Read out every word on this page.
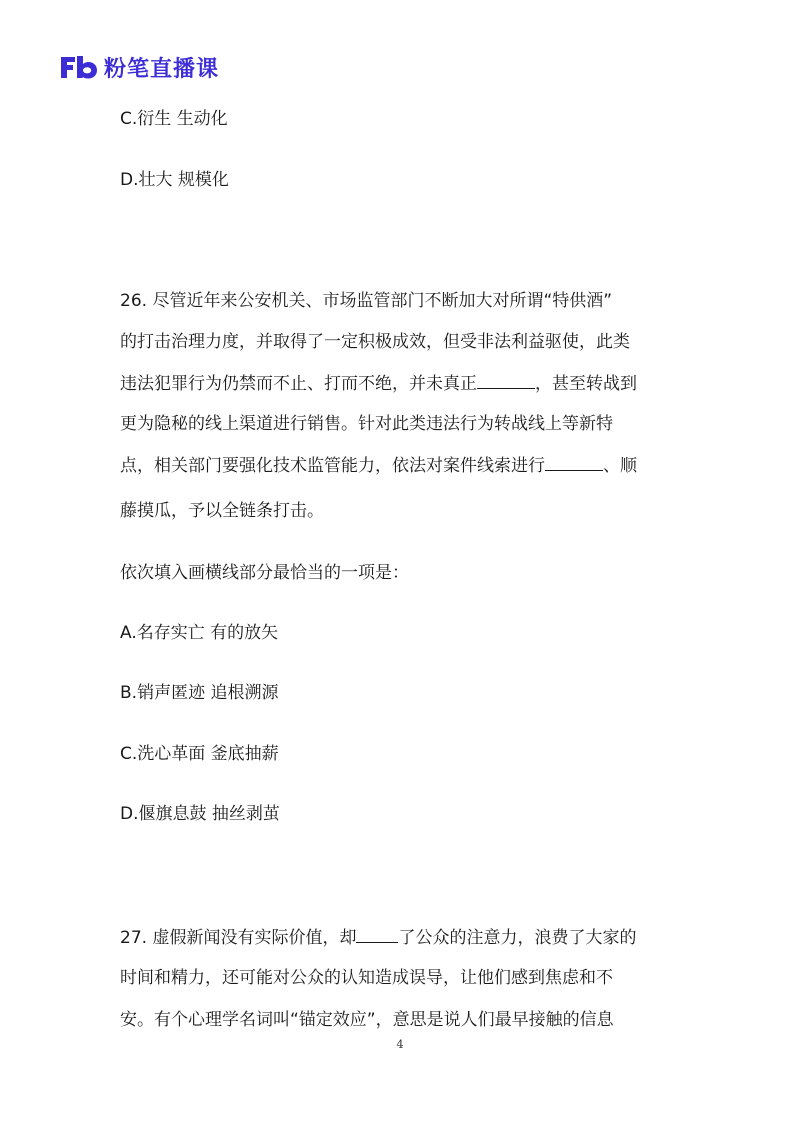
粉笔直播课
C.衍生 生动化
D.壮大 规模化
26. 尽管近年来公安机关、市场监管部门不断加大对所谓“特供酒”
的打击治理力度，并取得了一定积极成效，但受非法利益驱使，此类
违法犯罪行为仍禁而不止、打而不绝，并未真正	，甚至转战到
更为隐秘的线上渠道进行销售。针对此类违法行为转战线上等新特
点，相关部门要强化技术监管能力，依法对案件线索进行	、顺
藤摸瓜，予以全链条打击。
依次填入画横线部分最恰当的一项是：
A.名存实亡 有的放矢
B.销声匿迹 追根溯源
C.洗心革面 釜底抽薪
D.偃旗息鼓 抽丝剥茧
27. 虚假新闻没有实际价值，却 了公众的注意力，浪费了大家的
时间和精力，还可能对公众的认知造成误导，让他们感到焦虑和不
安。有个心理学名词叫“锚定效应”，意思是说人们最早接触的信息
4
